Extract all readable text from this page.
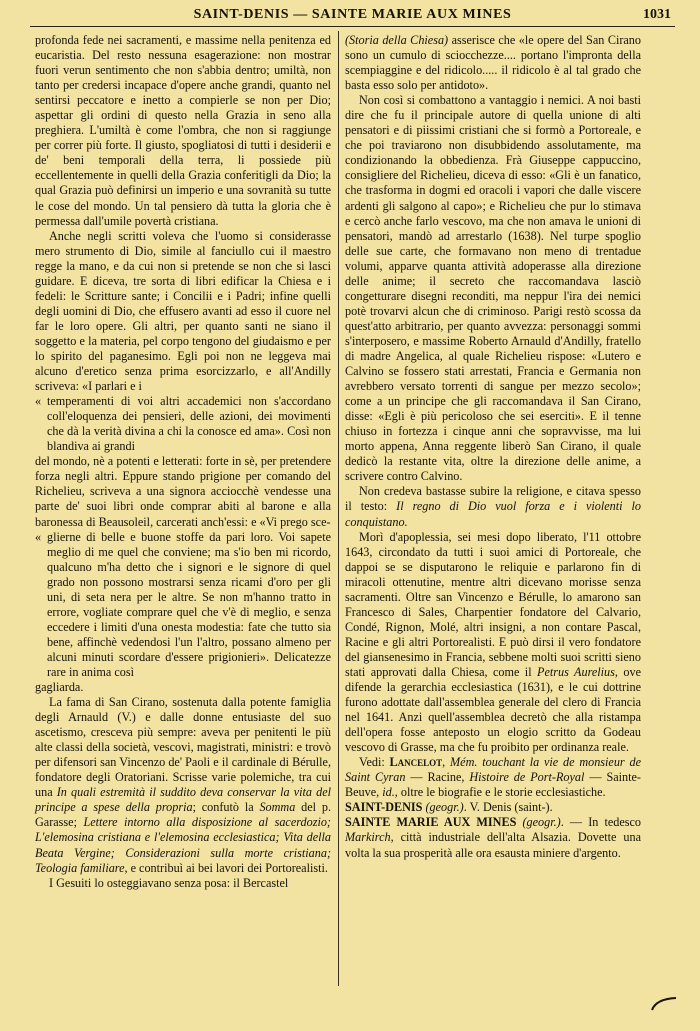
SAINT-DENIS — SAINTE MARIE AUX MINES	1031

profonda fede nei sacramenti, e massime nella penitenza ed eucaristia. Del resto nessuna esagerazione: non mostrar fuori verun sentimento che non s'abbia dentro; umiltà, non tanto per credersi incapace d'opere anche grandi, quanto nel sentirsi peccatore e inetto a compierle se non per Dio; aspettar gli ordini di questo nella Grazia in seno alla preghiera. L'umiltà è come l'ombra, che non si raggiunge per correr più forte. Il giusto, spogliatosi di tutti i desiderii e de' beni temporali della terra, li possiede più eccellentemente in quelli della Grazia conferitigli da Dio; la qual Grazia può definirsi un imperio e una sovranità su tutte le cose del mondo. Un tal pensiero dà tutta la gloria che è permessa dall'umile povertà cristiana.

Anche negli scritti voleva che l'uomo si considerasse mero strumento di Dio, simile al fanciullo cui il maestro regge la mano, e da cui non si pretende se non che si lasci guidare. E diceva, tre sorta di libri edificar la Chiesa e i fedeli: le Scritture sante; i Concilii e i Padri; infine quelli degli uomini di Dio, che effusero avanti ad esso il cuore nel far le loro opere. Gli altri, per quanto santi ne siano il soggetto e la materia, pel corpo tengono del giudaismo e per lo spirito del paganesimo. Egli poi non ne leggeva mai alcuno d'eretico senza prima esorcizzarlo, e all'Andilly scriveva: «I parlari e i

« temperamenti di voi altri accademici non s'accordano coll'eloquenza dei pensieri, delle azioni, dei movimenti che dà la verità divina a chi la conosce ed ama». Così non blandiva ai grandi

del mondo, nè a potenti e letterati: forte in sè, per pretendere forza negli altri. Eppure stando prigione per comando del Richelieu, scriveva a una signora acciocchè vendesse una parte de' suoi libri onde comprar abiti al barone e alla baronessa di Beausoleil, carcerati anch'essi: e «Vi prego sce-

« glierne di belle e buone stoffe da pari loro. Voi sapete meglio di me quel che conviene; ma s'io ben mi ricordo, qualcuno m'ha detto che i signori e le signore di quel grado non possono mostrarsi senza ricami d'oro per gli uni, di seta nera per le altre. Se non m'hanno tratto in errore, vogliate comprare quel che v'è di meglio, e senza eccedere i limiti d'una onesta modestia: fate che tutto sia bene, affinchè vedendosi l'un l'altro, possano almeno per alcuni minuti scordare d'essere prigionieri». Delicatezze rare in anima così

gagliarda.

La fama di San Cirano, sostenuta dalla potente famiglia degli Arnauld (V.) e dalle donne entusiaste del suo ascetismo, cresceva più sempre: aveva per penitenti le più alte classi della società, vescovi, magistrati, ministri: e trovò per difensori san Vincenzo de' Paoli e il cardinale di Bérulle, fondatore degli Oratoriani. Scrisse varie polemiche, tra cui una In quali estremità il suddito deva conservar la vita del principe a spese della propria; confutò la Somma del p. Garasse; Lettere intorno alla disposizione al sacerdozio; L'elemosina cristiana e l'elemosina ecclesiastica; Vita della Beata Vergine; Considerazioni sulla morte cristiana; Teologia familiare, e contribuì ai bei lavori dei Portorealisti.

I Gesuiti lo osteggiavano senza posa: il Bercastel

(Storia della Chiesa) asserisce che «le opere del San Cirano sono un cumulo di sciocchezze.... portano l'impronta della scempiaggine e del ridicolo..... il ridicolo è al tal grado che basta esso solo per antidoto».

Non così si combattono a vantaggio i nemici. A noi basti dire che fu il principale autore di quella unione di alti pensatori e di piissimi cristiani che si formò a Portoreale, e che poi traviarono non disubbidendo assolutamente, ma condizionando la obbedienza. Frà Giuseppe cappuccino, consigliere del Richelieu, diceva di esso: «Gli è un fanatico, che trasforma in dogmi ed oracoli i vapori che dalle viscere ardenti gli salgono al capo»; e Richelieu che pur lo stimava e cercò anche farlo vescovo, ma che non amava le unioni di pensatori, mandò ad arrestarlo (1638). Nel turpe spoglio delle sue carte, che formavano non meno di trentadue volumi, apparve quanta attività adoperasse alla direzione delle anime; il secreto che raccomandava lasciò congetturare disegni reconditi, ma neppur l'ira dei nemici potè trovarvi alcun che di criminoso. Parigi restò scossa da quest'atto arbitrario, per quanto avvezza: personaggi sommi s'interposero, e massime Roberto Arnauld d'Andilly, fratello di madre Angelica, al quale Richelieu rispose: «Lutero e Calvino se fossero stati arrestati, Francia e Germania non avrebbero versato torrenti di sangue per mezzo secolo»; come a un principe che gli raccomandava il San Cirano, disse: «Egli è più pericoloso che sei eserciti». E il tenne chiuso in fortezza i cinque anni che sopravvisse, ma lui morto appena, Anna reggente liberò San Cirano, il quale dedicò la restante vita, oltre la direzione delle anime, a scrivere contro Calvino.

Non credeva bastasse subire la religione, e citava spesso il testo: Il regno di Dio vuol forza e i violenti lo conquistano.

Morì d'apoplessia, sei mesi dopo liberato, l'11 ottobre 1643, circondato da tutti i suoi amici di Portoreale, che dappoi se se disputarono le reliquie e parlarono fin di miracoli ottenutine, mentre altri dicevano morisse senza sacramenti. Oltre san Vincenzo e Bérulle, lo amarono san Francesco di Sales, Charpentier fondatore del Calvario, Condé, Rignon, Molé, altri insigni, a non contare Pascal, Racine e gli altri Portorealisti. E può dirsi il vero fondatore del giansenesimo in Francia, sebbene molti suoi scritti sieno stati approvati dalla Chiesa, come il Petrus Aurelius, ove difende la gerarchia ecclesiastica (1631), e le cui dottrine furono adottate dall'assemblea generale del clero di Francia nel 1641. Anzi quell'assemblea decretò che alla ristampa dell'opera fosse anteposto un elogio scritto da Godeau vescovo di Grasse, ma che fu proibito per ordinanza reale.

Vedi: Lancelot, Mém. touchant la vie de monsieur de Saint Cyran — Racine, Histoire de Port-Royal — Sainte-Beuve, id., oltre le biografie e le storie ecclesiastiche.

SAINT-DENIS (geogr.). V. Denis (saint-).

SAINTE MARIE AUX MINES (geogr.). — In tedesco Markirch, città industriale dell'alta Alsazia. Dovette una volta la sua prosperità alle ora esausta miniere d'argento.
